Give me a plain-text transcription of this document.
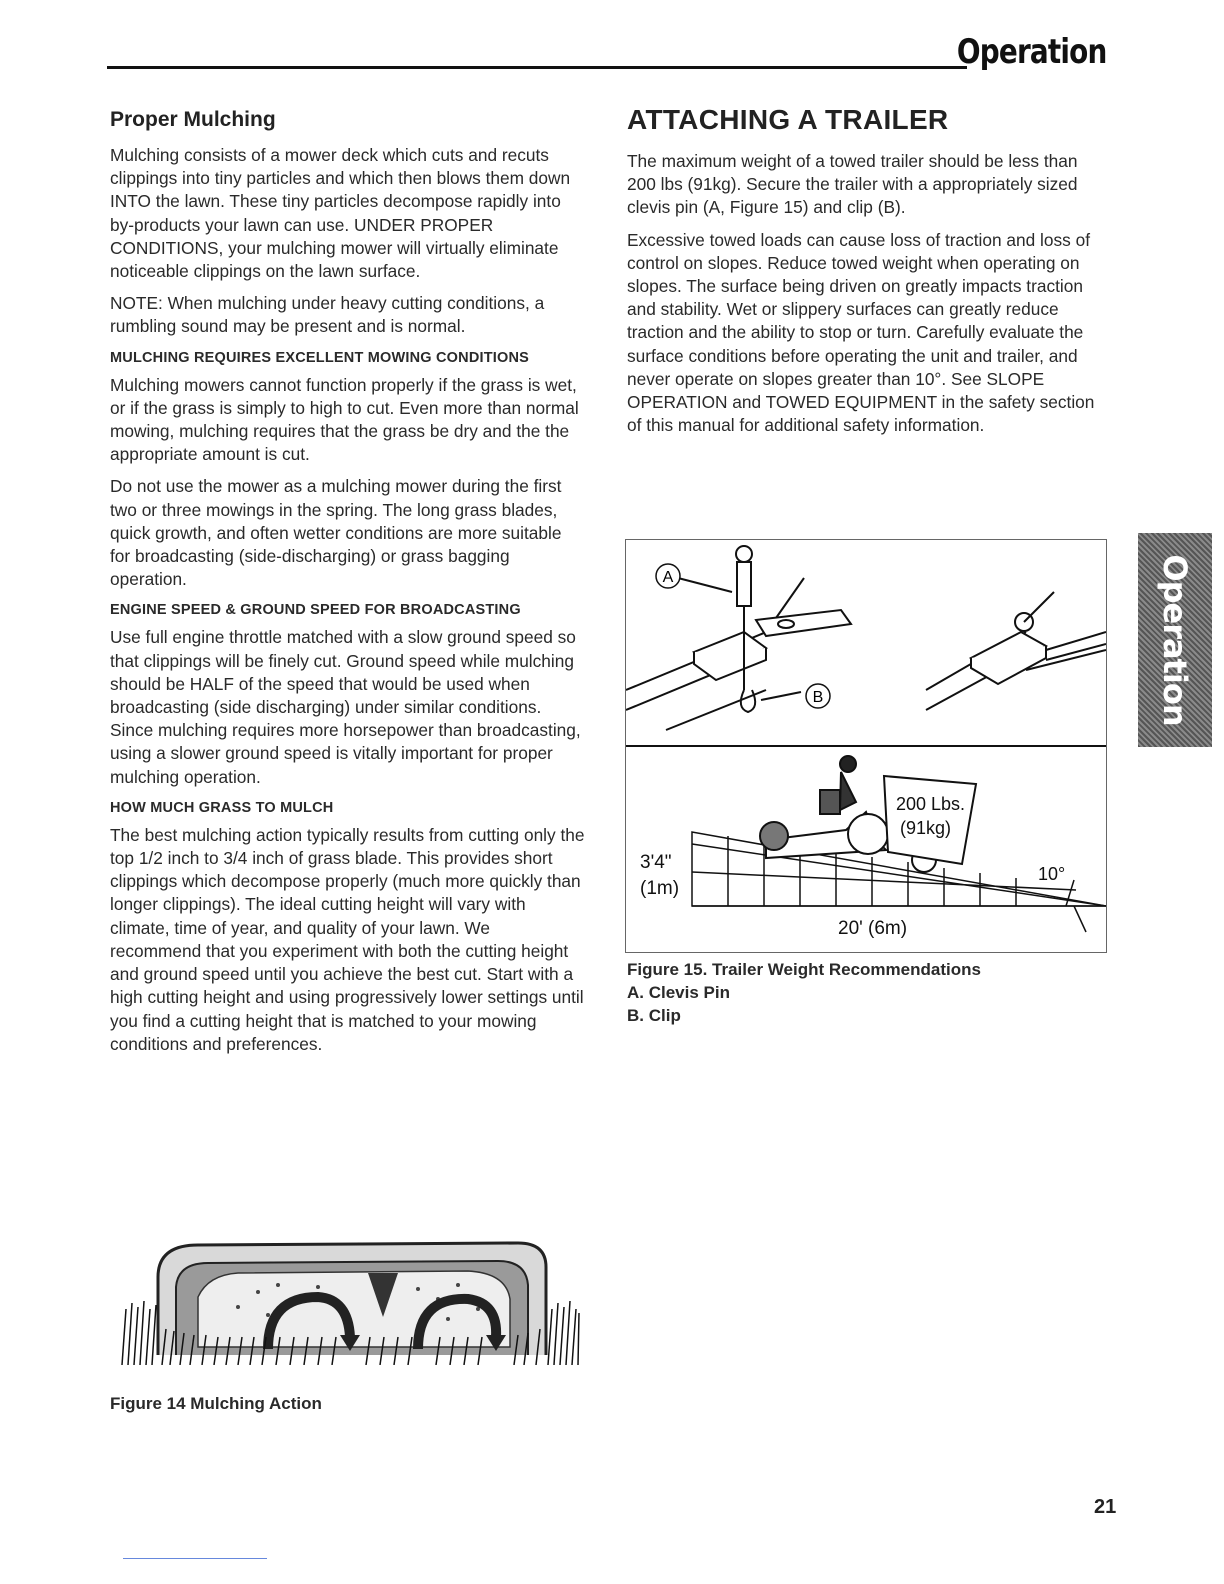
Operation
Proper Mulching

Mulching consists of a mower deck which cuts and recuts clippings into tiny particles and which then blows them down INTO the lawn. These tiny particles decompose rapidly into by-products your lawn can use. UNDER PROPER CONDITIONS, your mulching mower will virtually eliminate noticeable clippings on the lawn surface.

NOTE: When mulching under heavy cutting conditions, a rumbling sound may be present and is normal.

MULCHING REQUIRES EXCELLENT MOWING CONDITIONS

Mulching mowers cannot function properly if the grass is wet, or if the grass is simply to high to cut. Even more than normal mowing, mulching requires that the grass be dry and the the appropriate amount is cut.

Do not use the mower as a mulching mower during the first two or three mowings in the spring. The long grass blades, quick growth, and often wetter conditions are more suitable for broadcasting (side-discharging) or grass bagging operation.

ENGINE SPEED & GROUND SPEED FOR BROADCASTING

Use full engine throttle matched with a slow ground speed so that clippings will be finely cut. Ground speed while mulching should be HALF of the speed that would be used when broadcasting (side discharging) under similar conditions. Since mulching requires more horsepower than broadcasting, using a slower ground speed is vitally important for proper mulching operation.

HOW MUCH GRASS TO MULCH

The best mulching action typically results from cutting only the top 1/2 inch to 3/4 inch of grass blade. This provides short clippings which decompose properly (much more quickly than longer clippings). The ideal cutting height will vary with climate, time of year, and quality of your lawn. We recommend that you experiment with both the cutting height and ground speed until you achieve the best cut. Start with a high cutting height and using progressively lower settings until you find a cutting height that is matched to your mowing conditions and preferences.

Figure 14 Mulching Action
ATTACHING A TRAILER

The maximum weight of a towed trailer should be less than 200 lbs (91kg). Secure the trailer with a appropriately sized clevis pin (A, Figure 15) and clip (B).

Excessive towed loads can cause loss of traction and loss of control on slopes. Reduce towed weight when operating on slopes. The surface being driven on greatly impacts traction and stability. Wet or slippery surfaces can greatly reduce traction and the ability to stop or turn. Carefully evaluate the surface conditions before operating the unit and trailer, and never operate on slopes greater than 10°. See SLOPE OPERATION and TOWED EQUIPMENT in the safety section of this manual for additional safety information.

A
B
200 Lbs.
(91kg)
3'4"
(1m)
20' (6m)
10°
Figure 15. Trailer Weight Recommendations
A. Clevis Pin
B. Clip
Operation
21
